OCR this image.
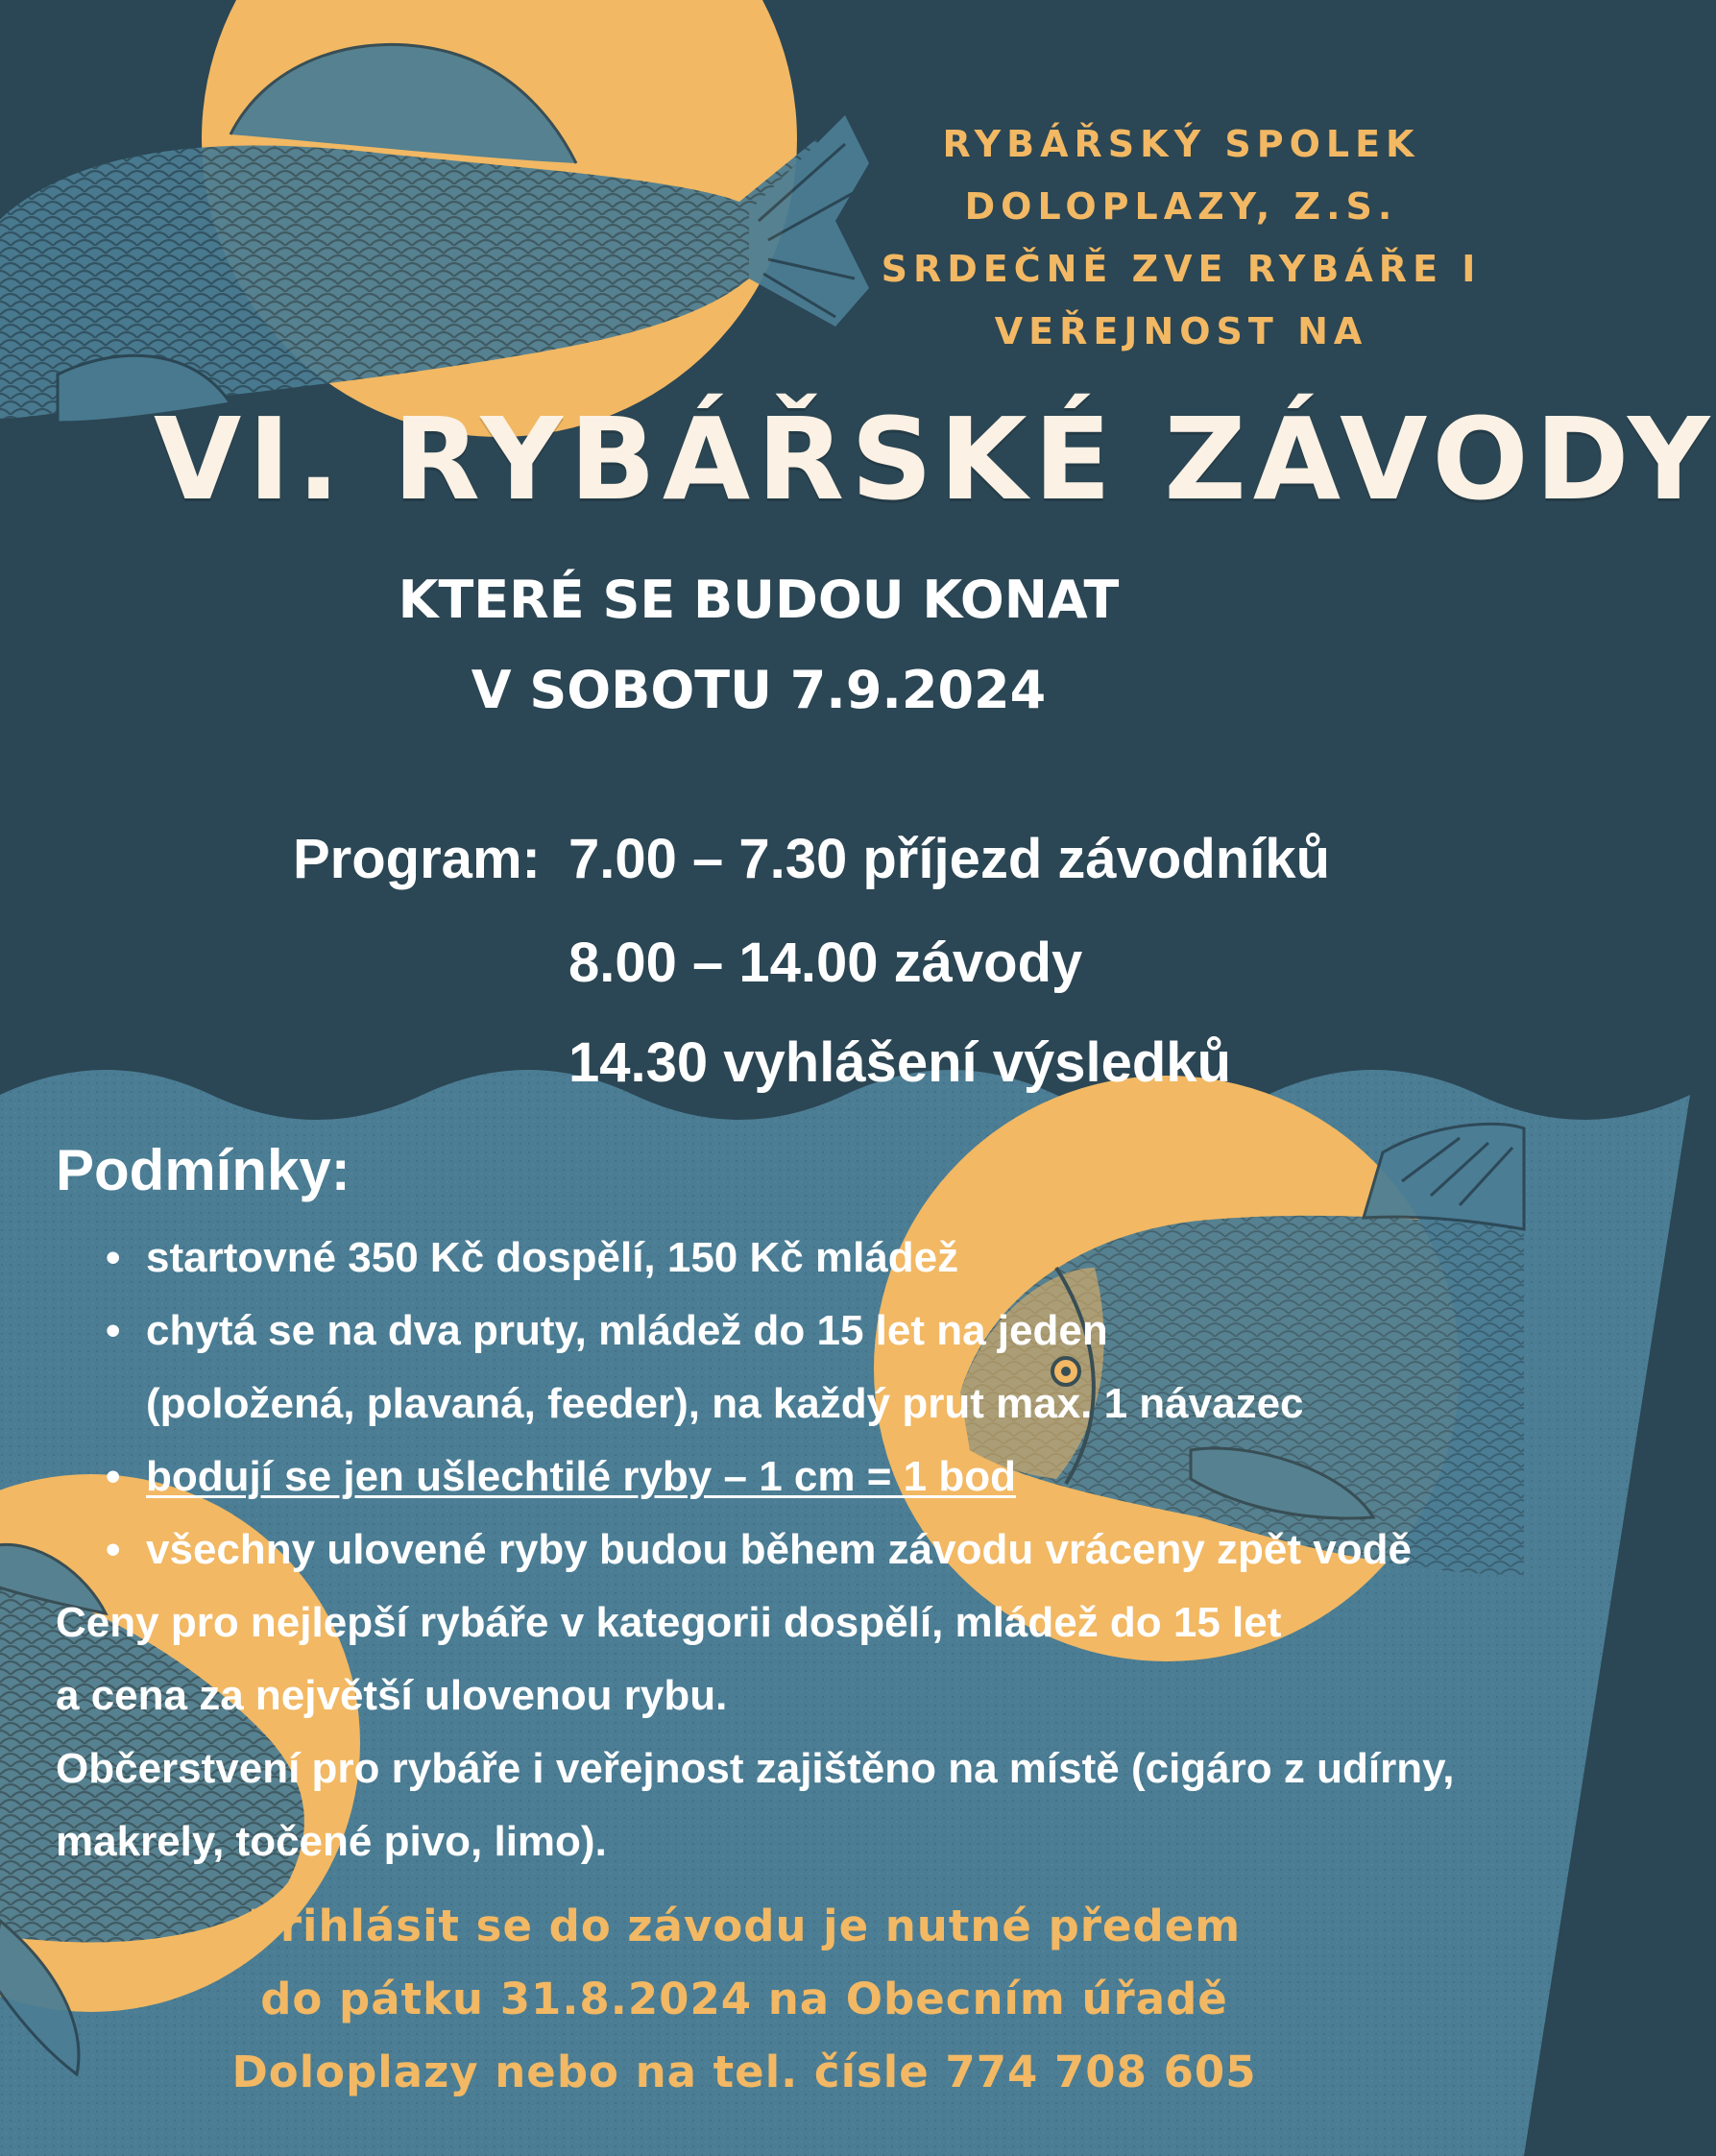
RYBÁŘSKÝ SPOLEK
DOLOPLAZY, Z.S.
SRDEČNĚ ZVE RYBÁŘE I
VEŘEJNOST NA
VI. RYBÁŘSKÉ ZÁVODY
KTERÉ SE BUDOU KONAT
V SOBOTU 7.9.2024
Program: 7.00 – 7.30 příjezd závodníků
8.00 – 14.00 závody
14.30 vyhlášení výsledků
Podmínky:
• startovné 350 Kč dospělí, 150 Kč mládež
• chytá se na dva pruty, mládež do 15 let na jeden
(položená, plavaná, feeder), na každý prut max. 1 návazec
• bodují se jen ušlechtilé ryby – 1 cm = 1 bod
• všechny ulovené ryby budou během závodu vráceny zpět vodě
Ceny pro nejlepší rybáře v kategorii dospělí, mládež do 15 let
a cena za největší ulovenou rybu.
Občerstvení pro rybáře i veřejnost zajištěno na místě (cigáro z udírny,
makrely, točené pivo, limo).
Přihlásit se do závodu je nutné předem
do pátku 31.8.2024 na Obecním úřadě
Doloplazy nebo na tel. čísle 774 708 605
